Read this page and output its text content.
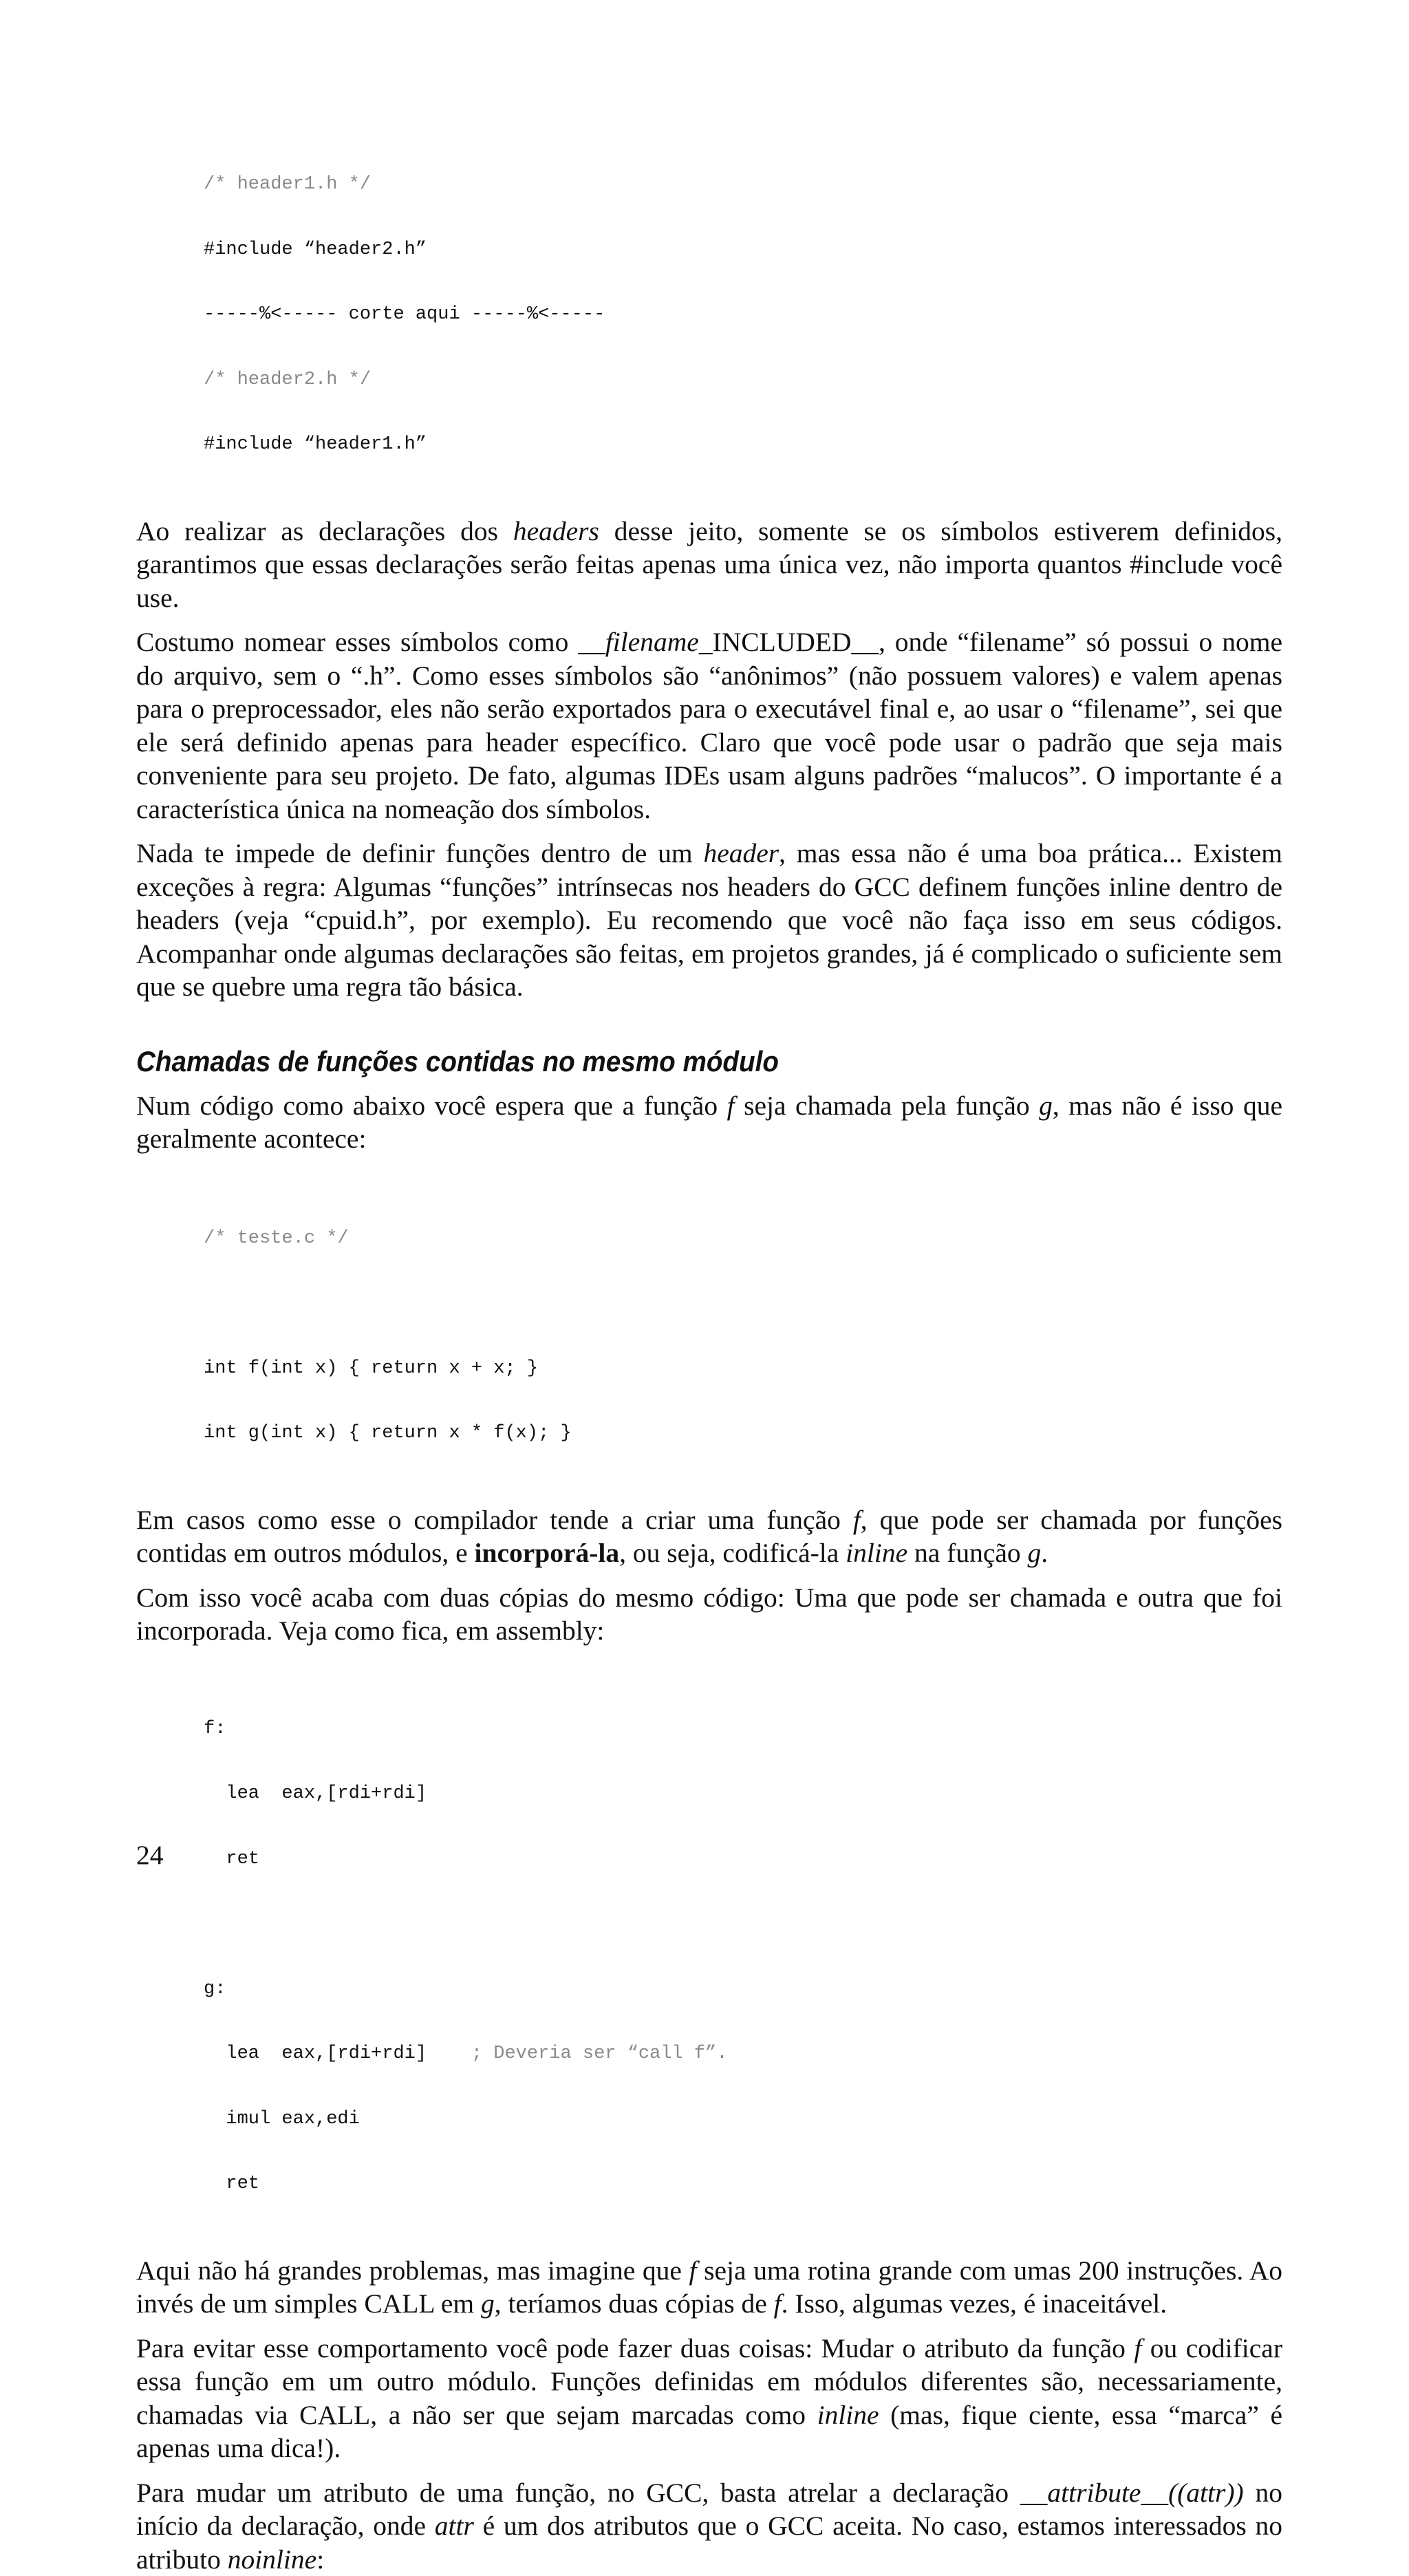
/* header1.h */

#include “header2.h”

-----%<----- corte aqui -----%<-----

/* header2.h */

#include “header1.h”

Ao realizar as declarações dos headers desse jeito, somente se os símbolos estiverem definidos, garantimos que essas declarações serão feitas apenas uma única vez, não importa quantos #include você use.

Costumo nomear esses símbolos como __filename_INCLUDED__, onde “filename” só possui o nome do arquivo, sem o “.h”. Como esses símbolos são “anônimos” (não possuem valores) e valem apenas para o preprocessador, eles não serão exportados para o executável final e, ao usar o “filename”, sei que ele será definido apenas para header específico. Claro que você pode usar o padrão que seja mais conveniente para seu projeto. De fato, algumas IDEs usam alguns padrões “malucos”. O importante é a característica única na nomeação dos símbolos.

Nada te impede de definir funções dentro de um header, mas essa não é uma boa prática... Existem exceções à regra: Algumas “funções” intrínsecas nos headers do GCC definem funções inline dentro de headers (veja “cpuid.h”, por exemplo). Eu recomendo que você não faça isso em seus códigos. Acompanhar onde algumas declarações são feitas, em projetos grandes, já é complicado o suficiente sem que se quebre uma regra tão básica.

Chamadas de funções contidas no mesmo módulo

Num código como abaixo você espera que a função f seja chamada pela função g, mas não é isso que geralmente acontece:

/* teste.c */

int f(int x) { return x + x; }

int g(int x) { return x * f(x); }

Em casos como esse o compilador tende a criar uma função f, que pode ser chamada por funções contidas em outros módulos, e incorporá-la, ou seja, codificá-la inline na função g.

Com isso você acaba com duas cópias do mesmo código: Uma que pode ser chamada e outra que foi incorporada. Veja como fica, em assembly:

f:

lea  eax,[rdi+rdi]

ret

g:

lea  eax,[rdi+rdi]    ; Deveria ser “call f”.

imul eax,edi

ret

Aqui não há grandes problemas, mas imagine que f seja uma rotina grande com umas 200 instruções. Ao invés de um simples CALL em g, teríamos duas cópias de f. Isso, algumas vezes, é inaceitável.

Para evitar esse comportamento você pode fazer duas coisas: Mudar o atributo da função f ou codificar essa função em um outro módulo. Funções definidas em módulos diferentes são, necessariamente, chamadas via CALL, a não ser que sejam marcadas como inline (mas, fique ciente, essa “marca” é apenas uma dica!).

Para mudar um atributo de uma função, no GCC, basta atrelar a declaração __attribute__((attr)) no início da declaração, onde attr é um dos atributos que o GCC aceita. No caso, estamos interessados no atributo noinline:

24
